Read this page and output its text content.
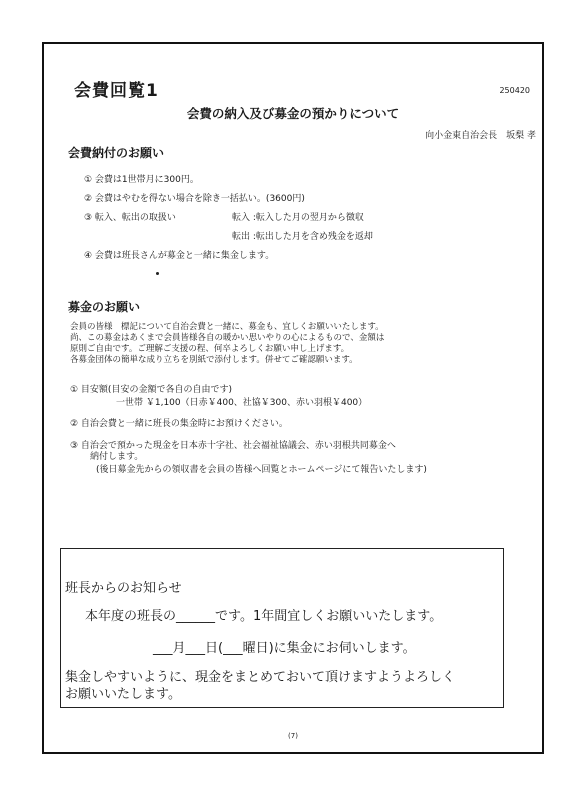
会費回覧1	250420
会費の納入及び募金の預かりについて
向小金東自治会長　坂梨 孝
会費納付のお願い
① 会費は1世帯月に300円。
② 会費はやむを得ない場合を除き一括払い。(3600円)
③ 転入、転出の取扱い	転入 :転入した月の翌月から徴収
転出 :転出した月を含め残金を返却
④ 会費は班長さんが募金と一緒に集金します。
募金のお願い
会員の皆様　標記について自治会費と一緒に、募金も、宜しくお願いいたします。
尚、この募金はあくまで会員皆様各自の暖かい思いやりの心によるもので、金額は
原則ご自由です。ご理解ご支援の程、何卒よろしくお願い申し上げます。
各募金団体の簡単な成り立ちを別紙で添付します。併せてご確認願います。
① 目安額(目安の金額で各自の自由です)
一世帯 ￥1,100（日赤￥400、社協￥300、赤い羽根￥400）
② 自治会費と一緒に班長の集金時にお預けください。
③ 自治会で預かった現金を日本赤十字社、社会福祉協議会、赤い羽根共同募金へ
納付します。
(後日募金先からの領収書を会員の皆様へ回覧とホームページにて報告いたします)
班長からのお知らせ
本年度の班長の______です。1年間宜しくお願いいたします。
___月___日(___曜日)に集金にお伺いします。
集金しやすいように、現金をまとめておいて頂けますようよろしく
お願いいたします。
(7)
